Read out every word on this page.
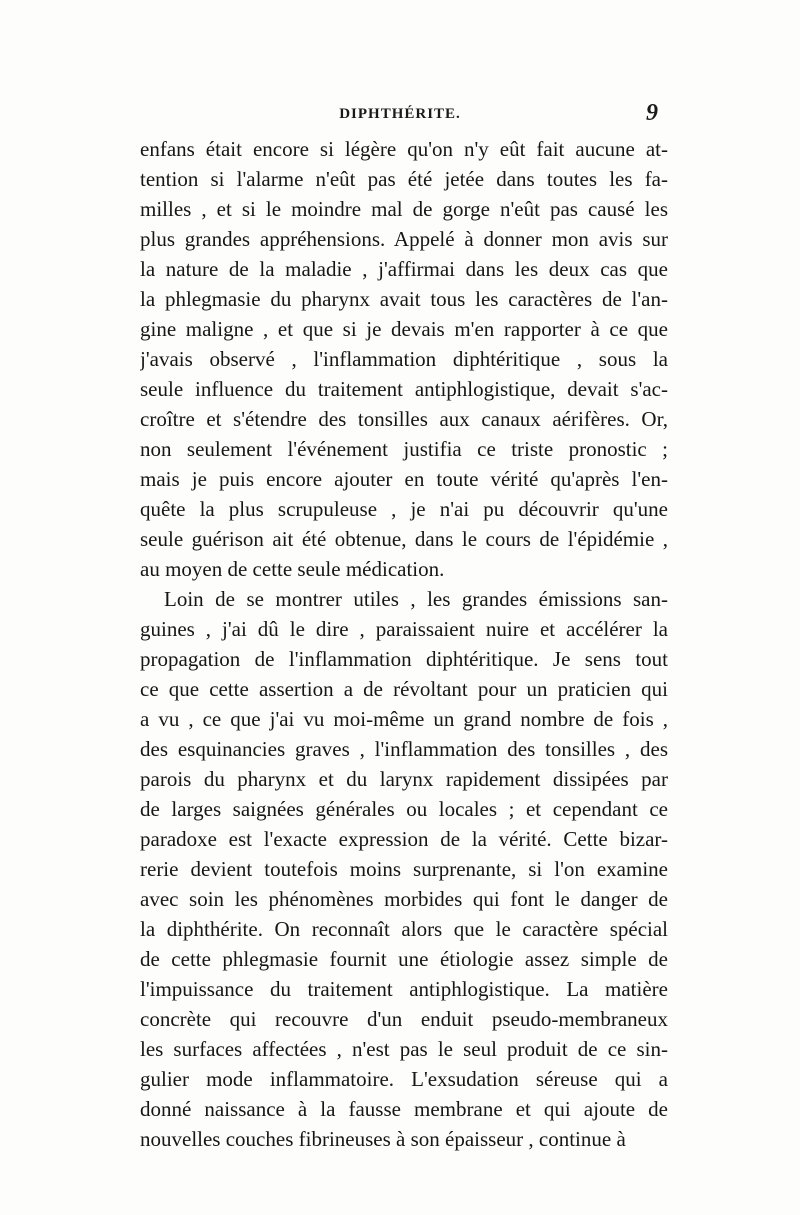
DIPHTHÉRITE.	9
enfans était encore si légère qu'on n'y eût fait aucune at-
tention si l'alarme n'eût pas été jetée dans toutes les fa-
milles , et si le moindre mal de gorge n'eût pas causé les
plus grandes appréhensions. Appelé à donner mon avis sur
la nature de la maladie , j'affirmai dans les deux cas que
la phlegmasie du pharynx avait tous les caractères de l'an-
gine maligne , et que si je devais m'en rapporter à ce que
j'avais observé , l'inflammation diphtéritique , sous la
seule influence du traitement antiphlogistique, devait s'ac-
croître et s'étendre des tonsilles aux canaux aérifères. Or,
non seulement l'événement justifia ce triste pronostic ;
mais je puis encore ajouter en toute vérité qu'après l'en-
quête la plus scrupuleuse , je n'ai pu découvrir qu'une
seule guérison ait été obtenue, dans le cours de l'épidémie ,
au moyen de cette seule médication.
Loin de se montrer utiles , les grandes émissions san-
guines , j'ai dû le dire , paraissaient nuire et accélérer la
propagation de l'inflammation diphtéritique. Je sens tout
ce que cette assertion a de révoltant pour un praticien qui
a vu , ce que j'ai vu moi-même un grand nombre de fois ,
des esquinancies graves , l'inflammation des tonsilles , des
parois du pharynx et du larynx rapidement dissipées par
de larges saignées générales ou locales ; et cependant ce
paradoxe est l'exacte expression de la vérité. Cette bizar-
rerie devient toutefois moins surprenante, si l'on examine
avec soin les phénomènes morbides qui font le danger de
la diphthérite. On reconnaît alors que le caractère spécial
de cette phlegmasie fournit une étiologie assez simple de
l'impuissance du traitement antiphlogistique. La matière
concrète qui recouvre d'un enduit pseudo-membraneux
les surfaces affectées , n'est pas le seul produit de ce sin-
gulier mode inflammatoire. L'exsudation séreuse qui a
donné naissance à la fausse membrane et qui ajoute de
nouvelles couches fibrineuses à son épaisseur , continue à
